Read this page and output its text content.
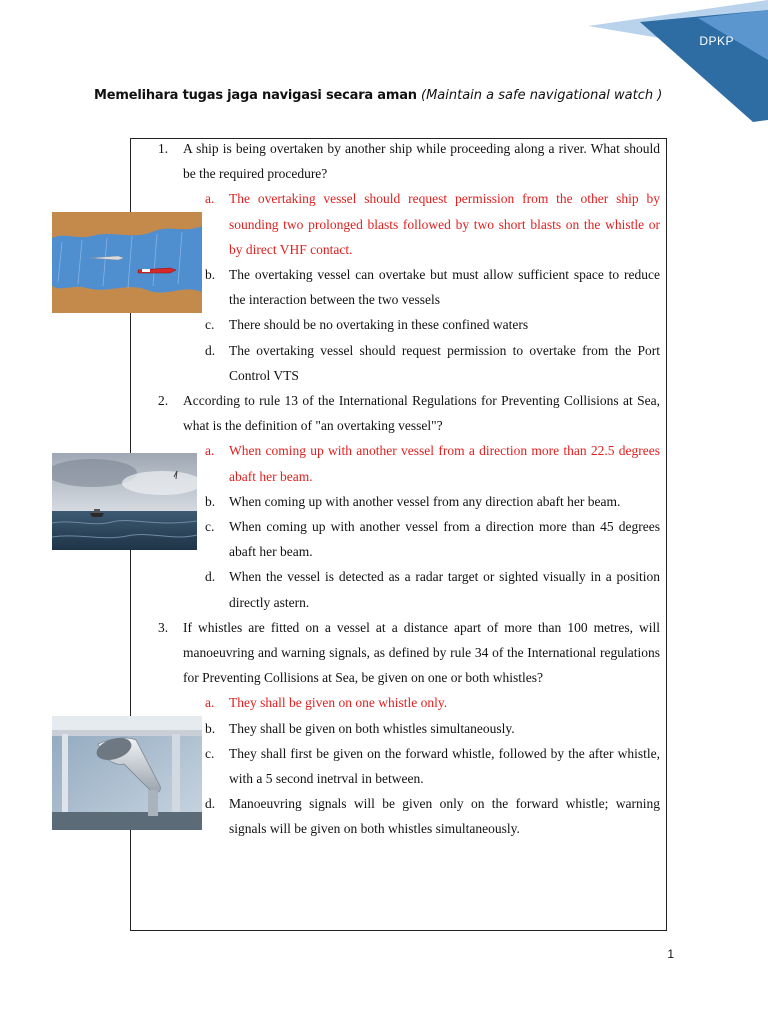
DPKP
Memelihara tugas jaga navigasi secara aman (Maintain a safe navigational watch )
1. A ship is being overtaken by another ship while proceeding along a river. What should be the required procedure?
a. The overtaking vessel should request permission from the other ship by sounding two prolonged blasts followed by two short blasts on the whistle or by direct VHF contact.
b. The overtaking vessel can overtake but must allow sufficient space to reduce the interaction between the two vessels
c. There should be no overtaking in these confined waters
d. The overtaking vessel should request permission to overtake from the Port Control VTS
2. According to rule 13 of the International Regulations for Preventing Collisions at Sea, what is the definition of "an overtaking vessel"?
a. When coming up with another vessel from a direction more than 22.5 degrees abaft her beam.
b. When coming up with another vessel from any direction abaft her beam.
c. When coming up with another vessel from a direction more than 45 degrees abaft her beam.
d. When the vessel is detected as a radar target or sighted visually in a position directly astern.
3. If whistles are fitted on a vessel at a distance apart of more than 100 metres, will manoeuvring and warning signals, as defined by rule 34 of the International regulations for Preventing Collisions at Sea, be given on one or both whistles?
a. They shall be given on one whistle only.
b. They shall be given on both whistles simultaneously.
c. They shall first be given on the forward whistle, followed by the after whistle, with a 5 second inetrval in between.
d. Manoeuvring signals will be given only on the forward whistle; warning signals will be given on both whistles simultaneously.
1
